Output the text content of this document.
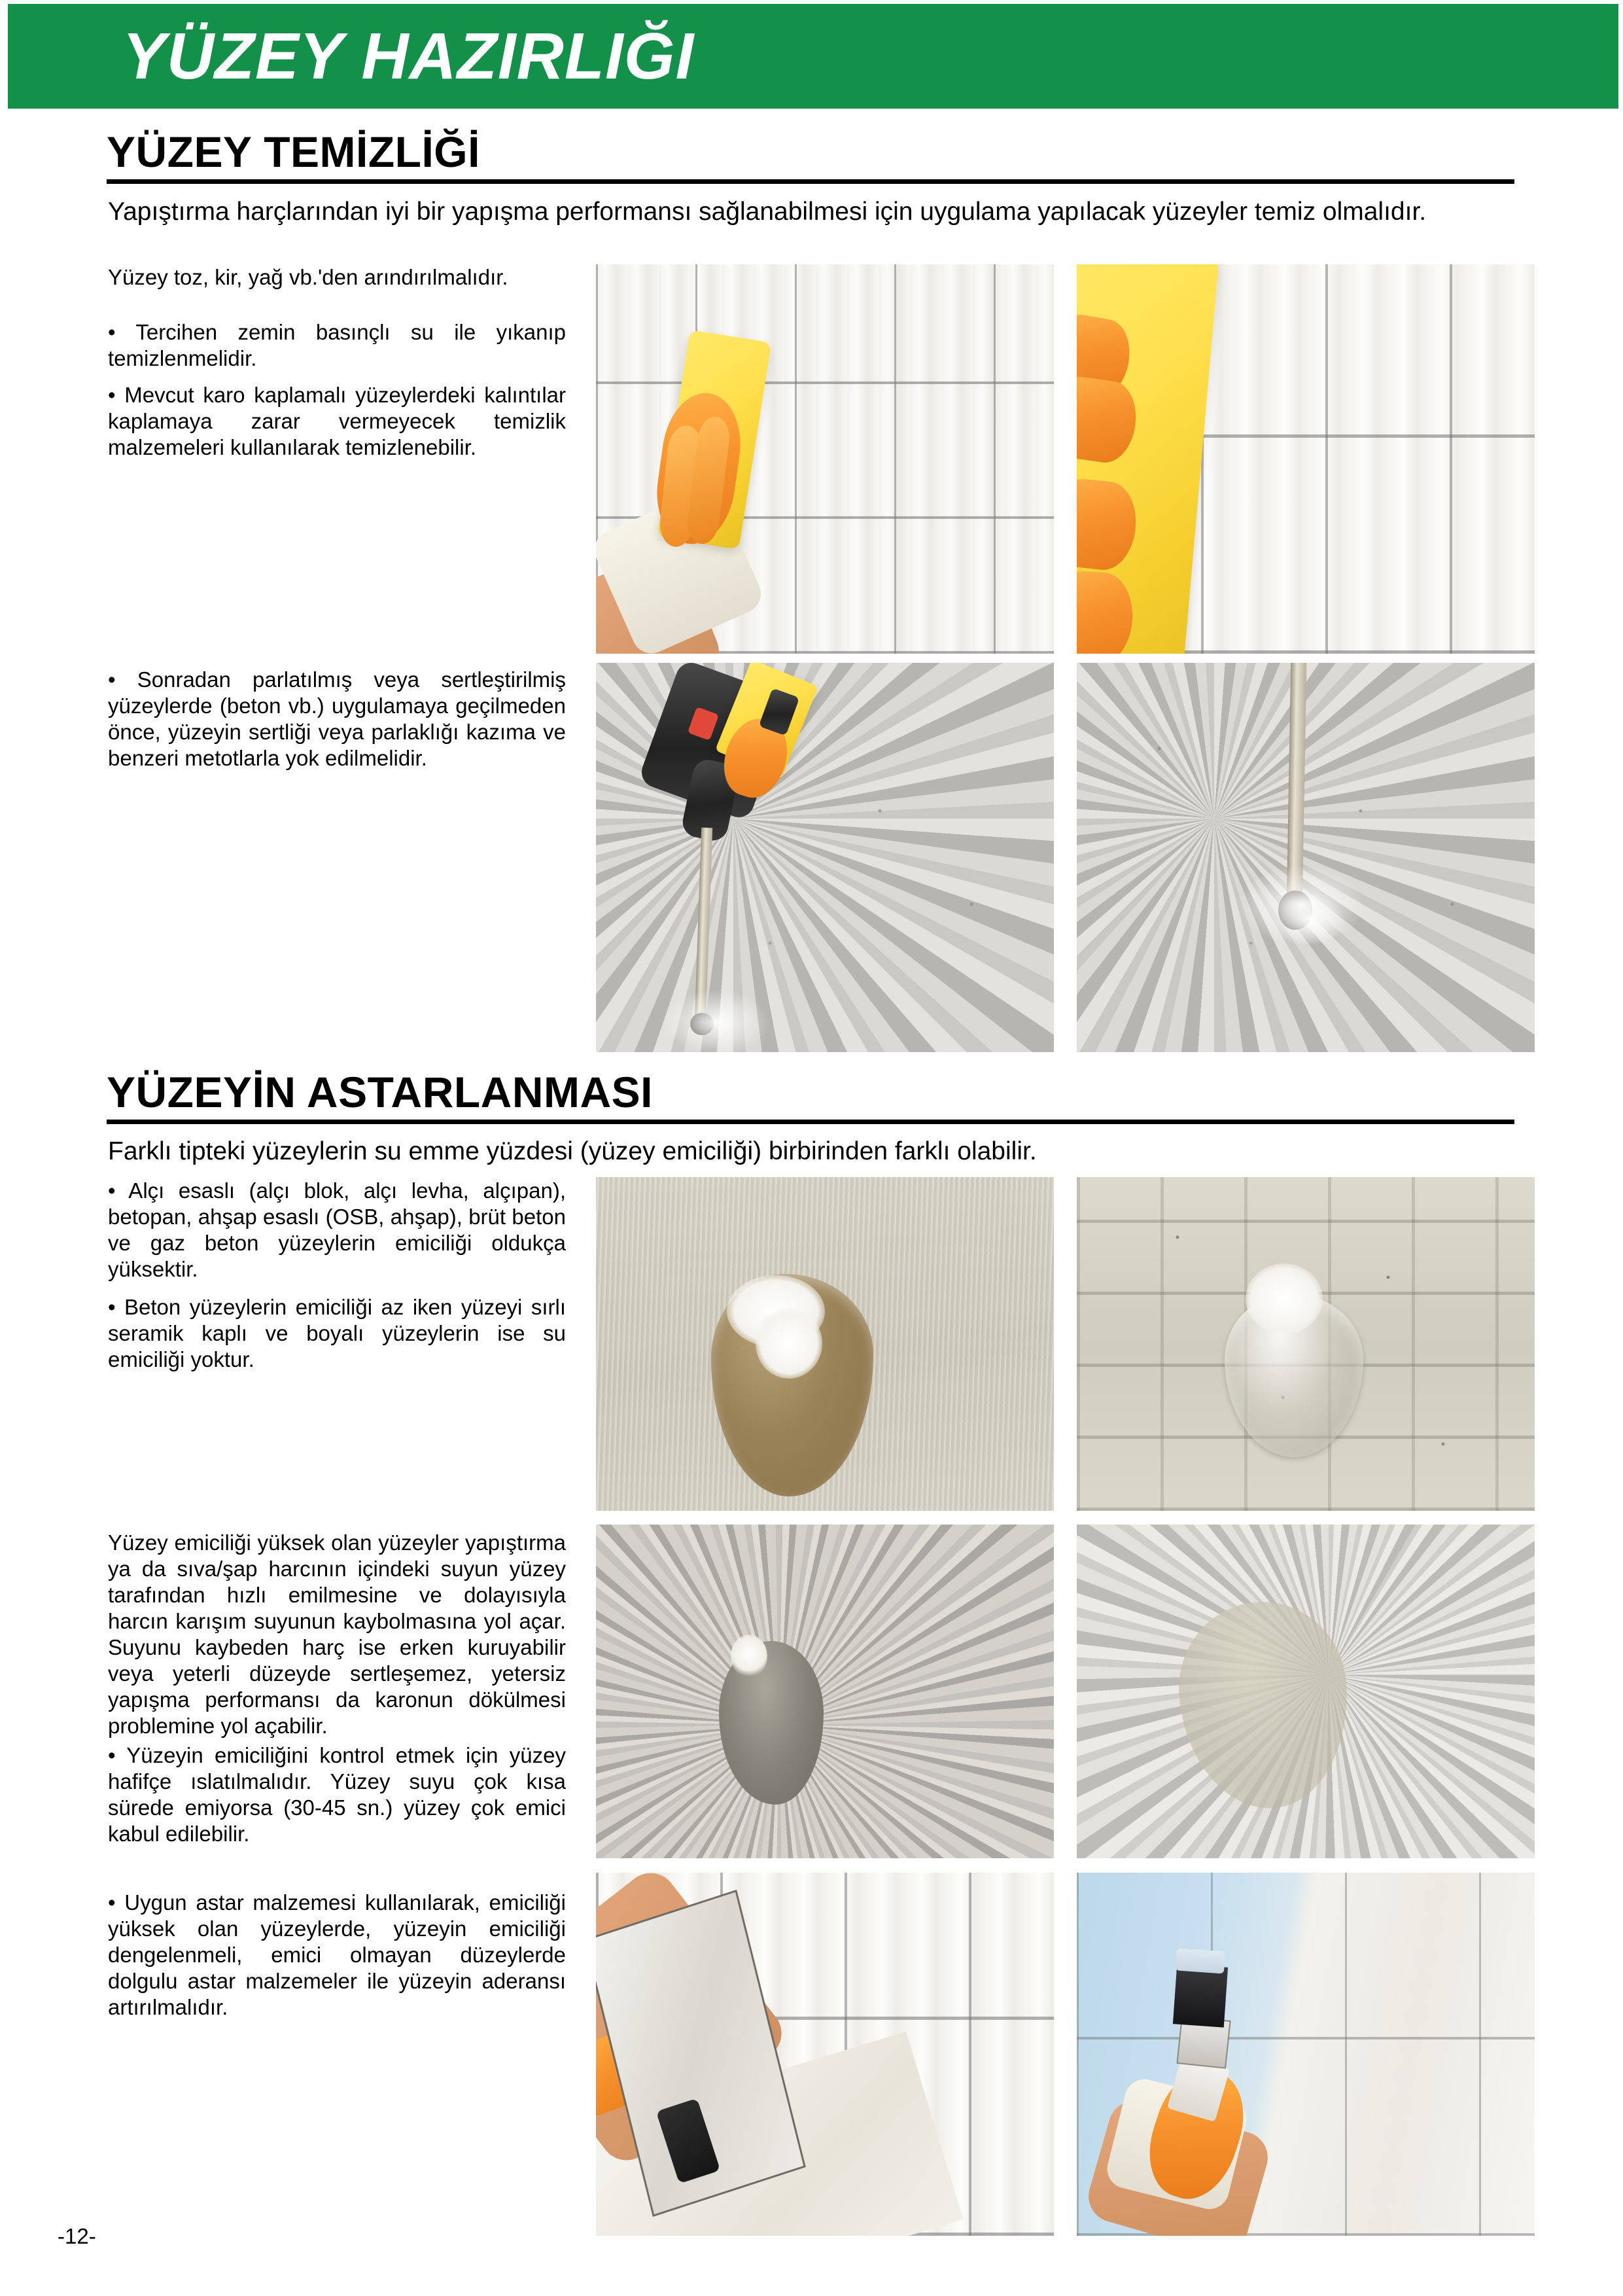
YÜZEY HAZIRLIĞI
YÜZEY TEMİZLİĞİ
Yapıştırma harçlarından iyi bir yapışma performansı sağlanabilmesi için uygulama yapılacak yüzeyler temiz olmalıdır.
Yüzey toz, kir, yağ vb.'den arındırılmalıdır.
• Tercihen zemin basınçlı su ile yıkanıp temizlenmelidir.
• Mevcut karo kaplamalı yüzeylerdeki kalıntılar kaplamaya zarar vermeyecek temizlik malzemeleri kullanılarak temizlenebilir.
• Sonradan parlatılmış veya sertleştirilmiş yüzeylerde (beton vb.) uygulamaya geçilmeden önce, yüzeyin sertliği veya parlaklığı kazıma ve benzeri metotlarla yok edilmelidir.
YÜZEYİN ASTARLANMASI
Farklı tipteki yüzeylerin su emme yüzdesi (yüzey emiciliği) birbirinden farklı olabilir.
• Alçı esaslı (alçı blok, alçı levha, alçıpan), betopan, ahşap esaslı (OSB, ahşap), brüt beton ve gaz beton yüzeylerin emiciliği oldukça yüksektir.
• Beton yüzeylerin emiciliği az iken yüzeyi sırlı seramik kaplı ve boyalı yüzeylerin ise su emiciliği yoktur.
Yüzey emiciliği yüksek olan yüzeyler yapıştırma ya da sıva/şap harcının içindeki suyun yüzey tarafından hızlı emilmesine ve dolayısıyla harcın karışım suyunun kaybolmasına yol açar. Suyunu kaybeden harç ise erken kuruyabilir veya yeterli düzeyde sertleşemez, yetersiz yapışma performansı da karonun dökülmesi problemine yol açabilir.
• Yüzeyin emiciliğini kontrol etmek için yüzey hafifçe ıslatılmalıdır. Yüzey suyu çok kısa sürede emiyorsa (30-45 sn.) yüzey çok emici kabul edilebilir.
• Uygun astar malzemesi kullanılarak, emiciliği yüksek olan yüzeylerde, yüzeyin emiciliği dengelenmeli, emici olmayan düzeylerde dolgulu astar malzemeler ile yüzeyin aderansı artırılmalıdır.
-12-
